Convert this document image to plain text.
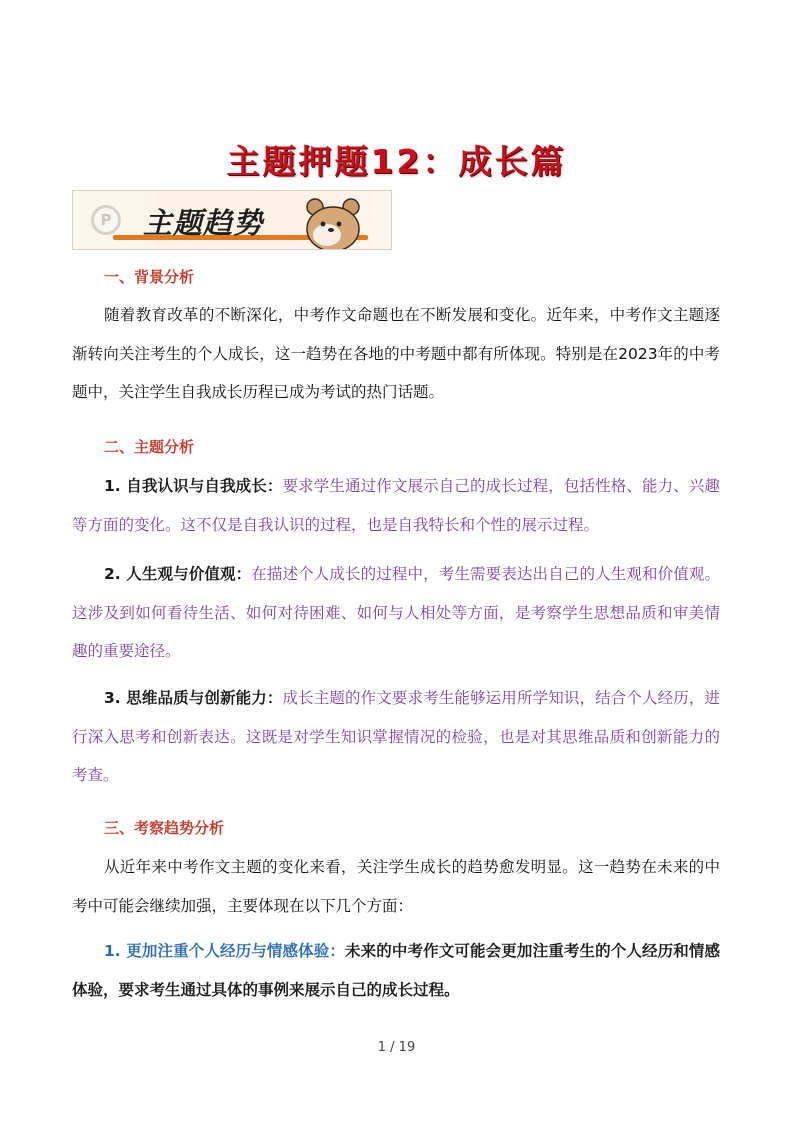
主题押题12：成长篇
P	主题趋势
一、背景分析
随着教育改革的不断深化，中考作文命题也在不断发展和变化。近年来，中考作文主题逐渐转向关注考生的个人成长，这一趋势在各地的中考题中都有所体现。特别是在2023年的中考题中，关注学生自我成长历程已成为考试的热门话题。
二、主题分析
1. 自我认识与自我成长：要求学生通过作文展示自己的成长过程，包括性格、能力、兴趣等方面的变化。这不仅是自我认识的过程，也是自我特长和个性的展示过程。
2. 人生观与价值观：在描述个人成长的过程中，考生需要表达出自己的人生观和价值观。这涉及到如何看待生活、如何对待困难、如何与人相处等方面，是考察学生思想品质和审美情趣的重要途径。
3. 思维品质与创新能力：成长主题的作文要求考生能够运用所学知识，结合个人经历，进行深入思考和创新表达。这既是对学生知识掌握情况的检验，也是对其思维品质和创新能力的考查。
三、考察趋势分析
从近年来中考作文主题的变化来看，关注学生成长的趋势愈发明显。这一趋势在未来的中考中可能会继续加强，主要体现在以下几个方面：
1. 更加注重个人经历与情感体验：未来的中考作文可能会更加注重考生的个人经历和情感体验，要求考生通过具体的事例来展示自己的成长过程。
1 / 19
